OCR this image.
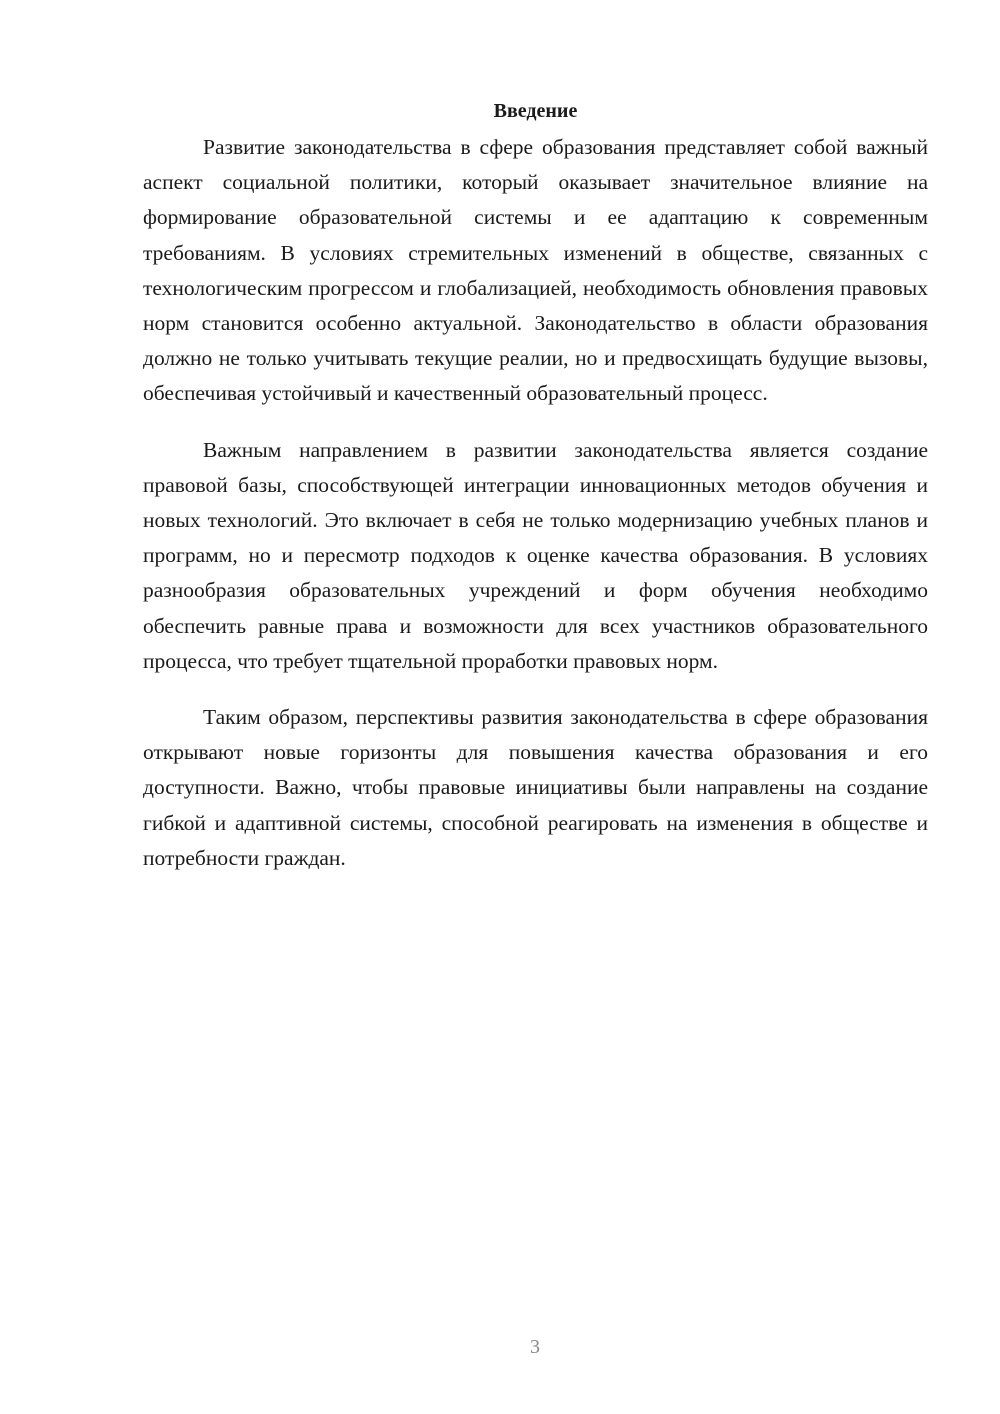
Введение

Развитие законодательства в сфере образования представляет собой важный аспект социальной политики, который оказывает значительное влияние на формирование образовательной системы и ее адаптацию к современным требованиям. В условиях стремительных изменений в обществе, связанных с технологическим прогрессом и глобализацией, необходимость обновления правовых норм становится особенно актуальной. Законодательство в области образования должно не только учитывать текущие реалии, но и предвосхищать будущие вызовы, обеспечивая устойчивый и качественный образовательный процесс.

Важным направлением в развитии законодательства является создание правовой базы, способствующей интеграции инновационных методов обучения и новых технологий. Это включает в себя не только модернизацию учебных планов и программ, но и пересмотр подходов к оценке качества образования. В условиях разнообразия образовательных учреждений и форм обучения необходимо обеспечить равные права и возможности для всех участников образовательного процесса, что требует тщательной проработки правовых норм.

Таким образом, перспективы развития законодательства в сфере образования открывают новые горизонты для повышения качества образования и его доступности. Важно, чтобы правовые инициативы были направлены на создание гибкой и адаптивной системы, способной реагировать на изменения в обществе и потребности граждан.

3
